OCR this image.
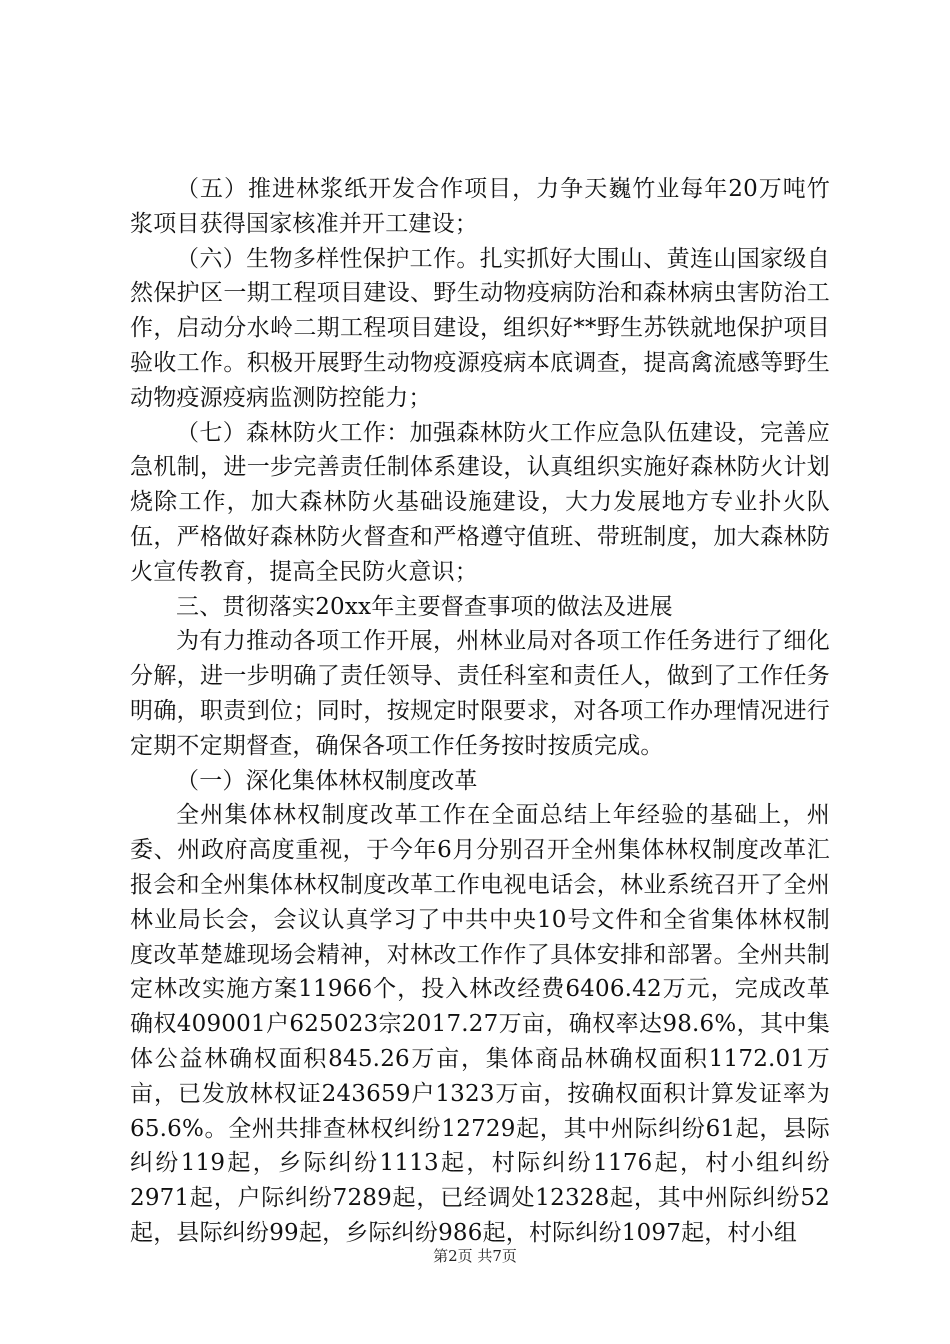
（五）推进林浆纸开发合作项目，力争天巍竹业每年20万吨竹浆项目获得国家核准并开工建设；

（六）生物多样性保护工作。扎实抓好大围山、黄连山国家级自然保护区一期工程项目建设、野生动物疫病防治和森林病虫害防治工作，启动分水岭二期工程项目建设，组织好**野生苏铁就地保护项目验收工作。积极开展野生动物疫源疫病本底调查，提高禽流感等野生动物疫源疫病监测防控能力；

（七）森林防火工作：加强森林防火工作应急队伍建设，完善应急机制，进一步完善责任制体系建设，认真组织实施好森林防火计划烧除工作，加大森林防火基础设施建设，大力发展地方专业扑火队伍，严格做好森林防火督查和严格遵守值班、带班制度，加大森林防火宣传教育，提高全民防火意识；

三、贯彻落实20xx年主要督查事项的做法及进展

为有力推动各项工作开展，州林业局对各项工作任务进行了细化分解，进一步明确了责任领导、责任科室和责任人，做到了工作任务明确，职责到位；同时，按规定时限要求，对各项工作办理情况进行定期不定期督查，确保各项工作任务按时按质完成。

（一）深化集体林权制度改革

全州集体林权制度改革工作在全面总结上年经验的基础上，州委、州政府高度重视，于今年6月分别召开全州集体林权制度改革汇报会和全州集体林权制度改革工作电视电话会，林业系统召开了全州林业局长会，会议认真学习了中共中央10号文件和全省集体林权制度改革楚雄现场会精神，对林改工作作了具体安排和部署。全州共制定林改实施方案11966个，投入林改经费6406.42万元，完成改革确权409001户625023宗2017.27万亩，确权率达98.6%，其中集体公益林确权面积845.26万亩，集体商品林确权面积1172.01万亩，已发放林权证243659户1323万亩，按确权面积计算发证率为65.6%。全州共排查林权纠纷12729起，其中州际纠纷61起，县际纠纷119起，乡际纠纷1113起，村际纠纷1176起，村小组纠纷2971起，户际纠纷7289起，已经调处12328起，其中州际纠纷52起，县际纠纷99起，乡际纠纷986起，村际纠纷1097起，村小组

第2页 共7页
